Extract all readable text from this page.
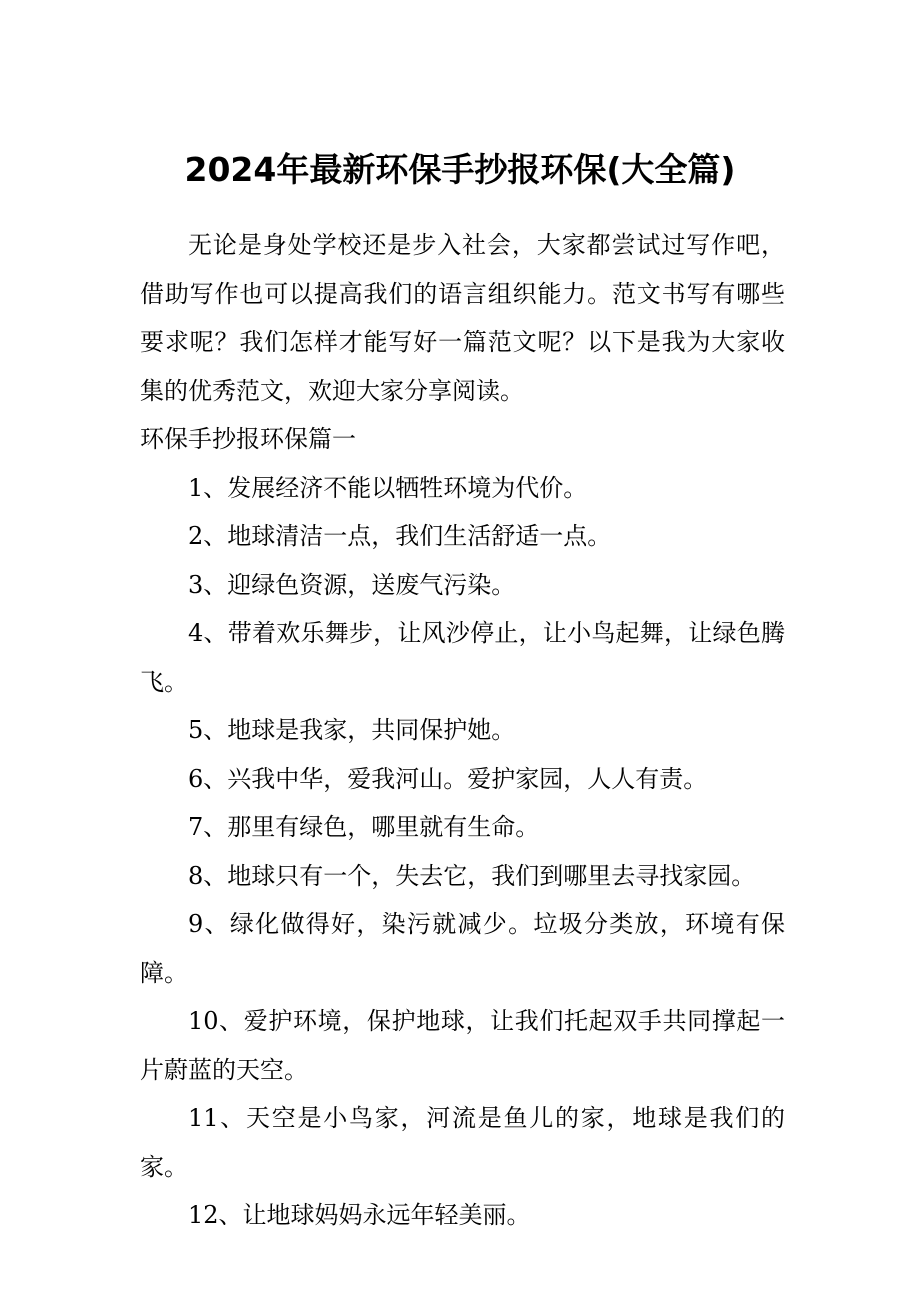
2024年最新环保手抄报环保(大全篇)

无论是身处学校还是步入社会，大家都尝试过写作吧，借助写作也可以提高我们的语言组织能力。范文书写有哪些要求呢？我们怎样才能写好一篇范文呢？以下是我为大家收集的优秀范文，欢迎大家分享阅读。

环保手抄报环保篇一

1、发展经济不能以牺牲环境为代价。

2、地球清洁一点，我们生活舒适一点。

3、迎绿色资源，送废气污染。

4、带着欢乐舞步，让风沙停止，让小鸟起舞，让绿色腾飞。

5、地球是我家，共同保护她。

6、兴我中华，爱我河山。爱护家园，人人有责。

7、那里有绿色，哪里就有生命。

8、地球只有一个，失去它，我们到哪里去寻找家园。

9、绿化做得好，染污就减少。垃圾分类放，环境有保障。

10、爱护环境，保护地球，让我们托起双手共同撑起一片蔚蓝的天空。

11、天空是小鸟家，河流是鱼儿的家，地球是我们的家。

12、让地球妈妈永远年轻美丽。
